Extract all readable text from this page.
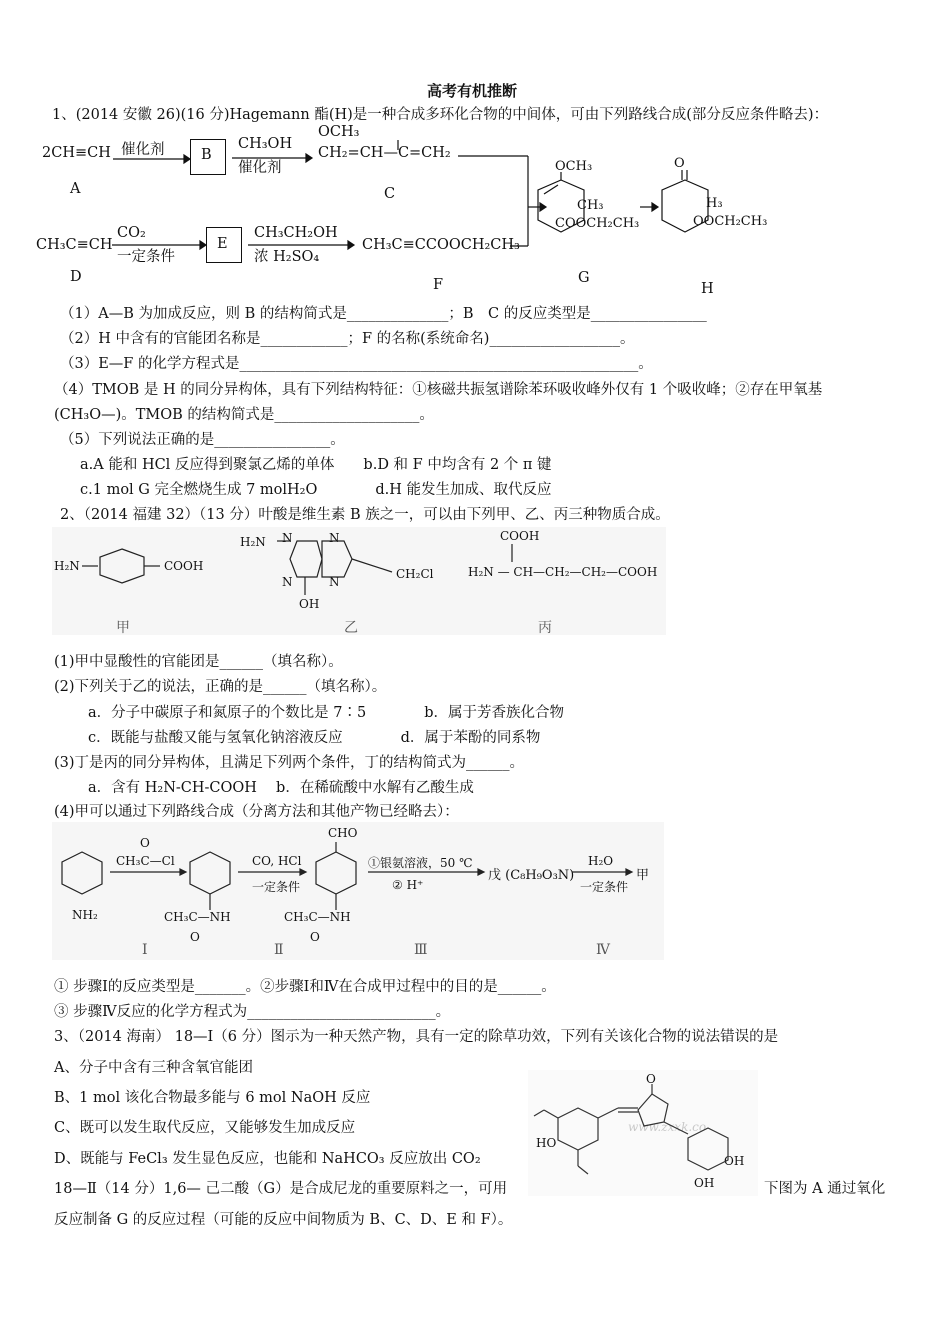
高考有机推断
1、(2014 安徽 26)(16 分)Hagemann 酯(H)是一种合成多环化合物的中间体，可由下列路线合成(部分反应条件略去)：
2CH≡CH 催化剂	B
CH₃OH
催化剂
OCH₃
CH₂=CH—C=CH₂
A	C
OCH₃
CH₃
COOCH₂CH₃
O
H₃
OOCH₂CH₃
CH₃C≡CH
CO₂
一定条件
E
CH₃CH₂OH
浓 H₂SO₄
CH₃C≡CCOOCH₂CH₃
D	G
F	H
（1）A—B 为加成反应，则 B 的结构简式是______________；B　C 的反应类型是________________
（2）H 中含有的官能团名称是____________；F 的名称(系统命名)__________________。
（3）E—F 的化学方程式是_______________________________________________________。
（4）TMOB 是 H 的同分异构体，具有下列结构特征：①核磁共振氢谱除苯环吸收峰外仅有 1 个吸收峰；②存在甲氧基
(CH₃O—)。TMOB 的结构简式是____________________。
（5）下列说法正确的是________________。
a.A 能和 HCl 反应得到聚氯乙烯的单体　　b.D 和 F 中均含有 2 个 π 键
c.1 mol G 完全燃烧生成 7 molH₂O　　　　d.H 能发生加成、取代反应
2、（2014 福建 32）（13 分）叶酸是维生素 B 族之一，可以由下列甲、乙、丙三种物质合成。
H₂N	COOH
甲
H₂N
OH
CH₂Cl
乙
COOH
H₂N — CH—CH₂—CH₂—COOH
丙
N	N
N	N
(1)甲中显酸性的官能团是______（填名称）。
(2)下列关于乙的说法，正确的是______（填名称）。
a．分子中碳原子和氮原子的个数比是 7∶5　　　　b．属于芳香族化合物
c．既能与盐酸又能与氢氧化钠溶液反应　　　　d．属于苯酚的同系物
(3)丁是丙的同分异构体，且满足下列两个条件，丁的结构简式为______。
a．含有 H₂N-CH-COOH　 b．在稀硫酸中水解有乙酸生成
(4)甲可以通过下列路线合成（分离方法和其他产物已经略去）：
CH₃C—Cl
O
CO, HCl
一定条件
CHO
①银氨溶液，50 ℃
② H⁺
戊 (C₈H₉O₃N)
H₂O
一定条件
甲
NH₂	CH₃C—NH
O
CH₃C—NH
O
Ⅰ	Ⅱ	Ⅲ	Ⅳ
① 步骤Ⅰ的反应类型是_______。②步骤Ⅰ和Ⅳ在合成甲过程中的目的是______。
③ 步骤Ⅳ反应的化学方程式为__________________________。
3、（2014 海南） 18—Ⅰ（6 分）图示为一种天然产物，具有一定的除草功效，下列有关该化合物的说法错误的是
A、分子中含有三种含氧官能团
B、1 mol 该化合物最多能与 6 mol NaOH 反应
C、既可以发生取代反应，又能够发生加成反应
D、既能与 FeCl₃ 发生显色反应，也能和 NaHCO₃ 反应放出 CO₂
HO
OH
OH
O
www.zxxk.co
18—Ⅱ（14 分）1,6— 己二酸（G）是合成尼龙的重要原料之一，可用	下图为 A 通过氧化
反应制备 G 的反应过程（可能的反应中间物质为 B、C、D、E 和 F）。
